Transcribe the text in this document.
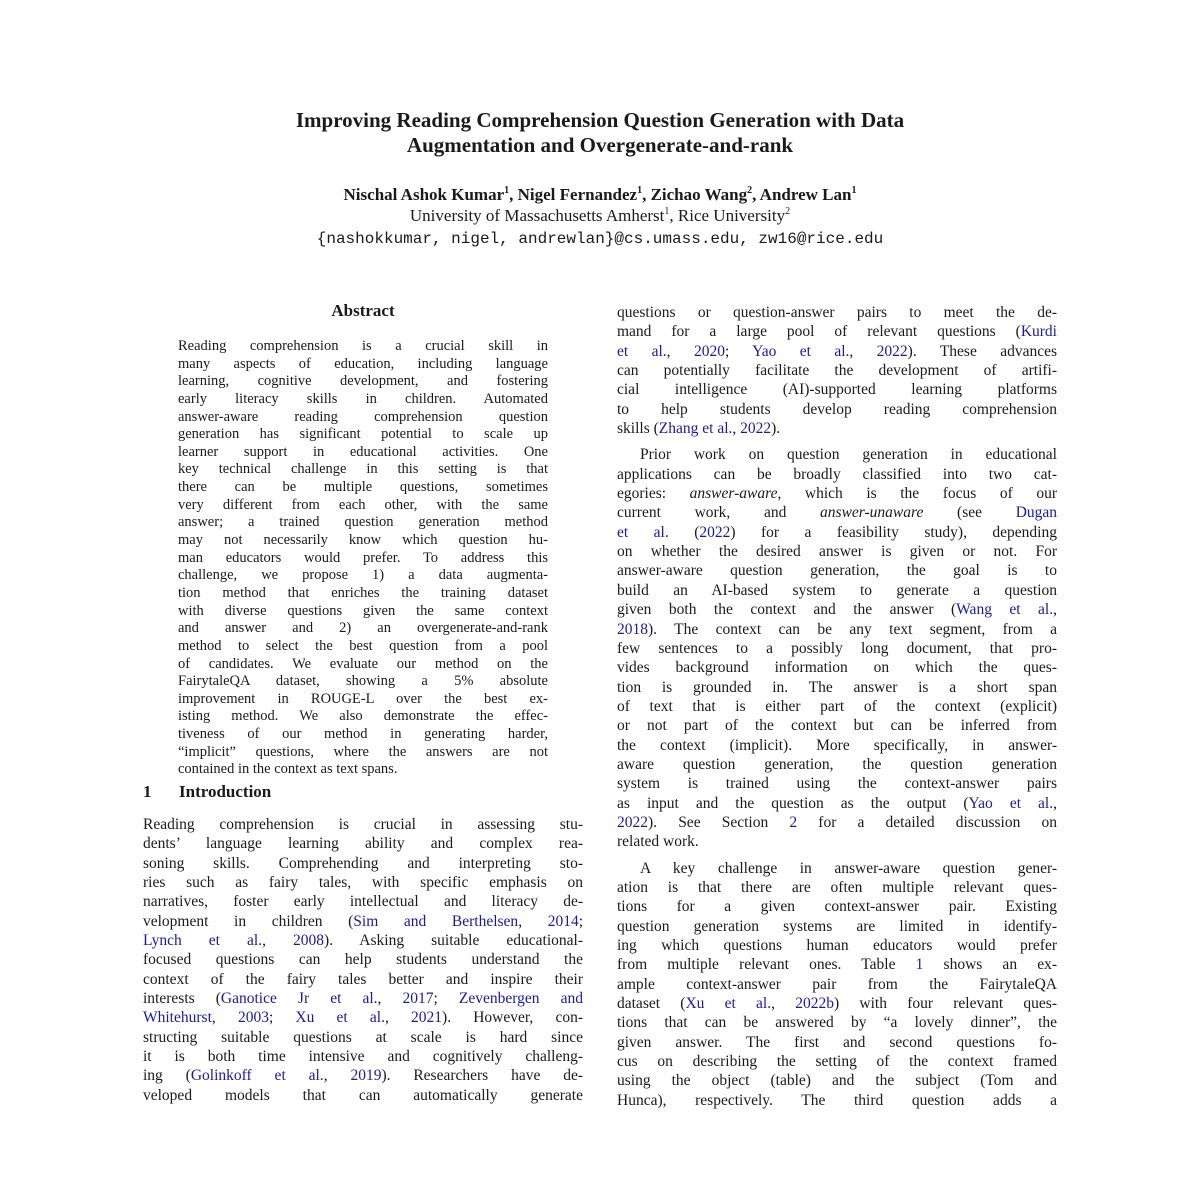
Improving Reading Comprehension Question Generation with Data
Augmentation and Overgenerate-and-rank
Nischal Ashok Kumar$^1$, Nigel Fernandez$^1$, Zichao Wang$^2$, Andrew Lan$^1$
University of Massachusetts Amherst$^1$, Rice University$^2$
{nashokkumar, nigel, andrewlan}@cs.umass.edu, zw16@rice.edu
Abstract
Reading comprehension is a crucial skill in
many aspects of education, including language
learning, cognitive development, and fostering
early literacy skills in children. Automated
answer-aware reading comprehension question
generation has significant potential to scale up
learner support in educational activities. One
key technical challenge in this setting is that
there can be multiple questions, sometimes
very different from each other, with the same
answer; a trained question generation method
may not necessarily know which question hu-
man educators would prefer. To address this
challenge, we propose 1) a data augmenta-
tion method that enriches the training dataset
with diverse questions given the same context
and answer and 2) an overgenerate-and-rank
method to select the best question from a pool
of candidates. We evaluate our method on the
FairytaleQA dataset, showing a 5% absolute
improvement in ROUGE-L over the best ex-
isting method. We also demonstrate the effec-
tiveness of our method in generating harder,
“implicit” questions, where the answers are not
contained in the context as text spans.
1 Introduction
Reading comprehension is crucial in assessing stu-
dents’ language learning ability and complex rea-
soning skills. Comprehending and interpreting sto-
ries such as fairy tales, with specific emphasis on
narratives, foster early intellectual and literacy de-
velopment in children (Sim and Berthelsen, 2014;
Lynch et al., 2008). Asking suitable educational-
focused questions can help students understand the
context of the fairy tales better and inspire their
interests (Ganotice Jr et al., 2017; Zevenbergen and
Whitehurst, 2003; Xu et al., 2021). However, con-
structing suitable questions at scale is hard since
it is both time intensive and cognitively challeng-
ing (Golinkoff et al., 2019). Researchers have de-
veloped models that can automatically generate
questions or question-answer pairs to meet the de-
mand for a large pool of relevant questions (Kurdi
et al., 2020; Yao et al., 2022). These advances
can potentially facilitate the development of artifi-
cial intelligence (AI)-supported learning platforms
to help students develop reading comprehension
skills (Zhang et al., 2022).
Prior work on question generation in educational
applications can be broadly classified into two cat-
egories: answer-aware, which is the focus of our
current work, and answer-unaware (see Dugan
et al. (2022) for a feasibility study), depending
on whether the desired answer is given or not. For
answer-aware question generation, the goal is to
build an AI-based system to generate a question
given both the context and the answer (Wang et al.,
2018). The context can be any text segment, from a
few sentences to a possibly long document, that pro-
vides background information on which the ques-
tion is grounded in. The answer is a short span
of text that is either part of the context (explicit)
or not part of the context but can be inferred from
the context (implicit). More specifically, in answer-
aware question generation, the question generation
system is trained using the context-answer pairs
as input and the question as the output (Yao et al.,
2022). See Section 2 for a detailed discussion on
related work.
A key challenge in answer-aware question gener-
ation is that there are often multiple relevant ques-
tions for a given context-answer pair. Existing
question generation systems are limited in identify-
ing which questions human educators would prefer
from multiple relevant ones. Table 1 shows an ex-
ample context-answer pair from the FairytaleQA
dataset (Xu et al., 2022b) with four relevant ques-
tions that can be answered by “a lovely dinner”, the
given answer. The first and second questions fo-
cus on describing the setting of the context framed
using the object (table) and the subject (Tom and
Hunca), respectively. The third question adds a
